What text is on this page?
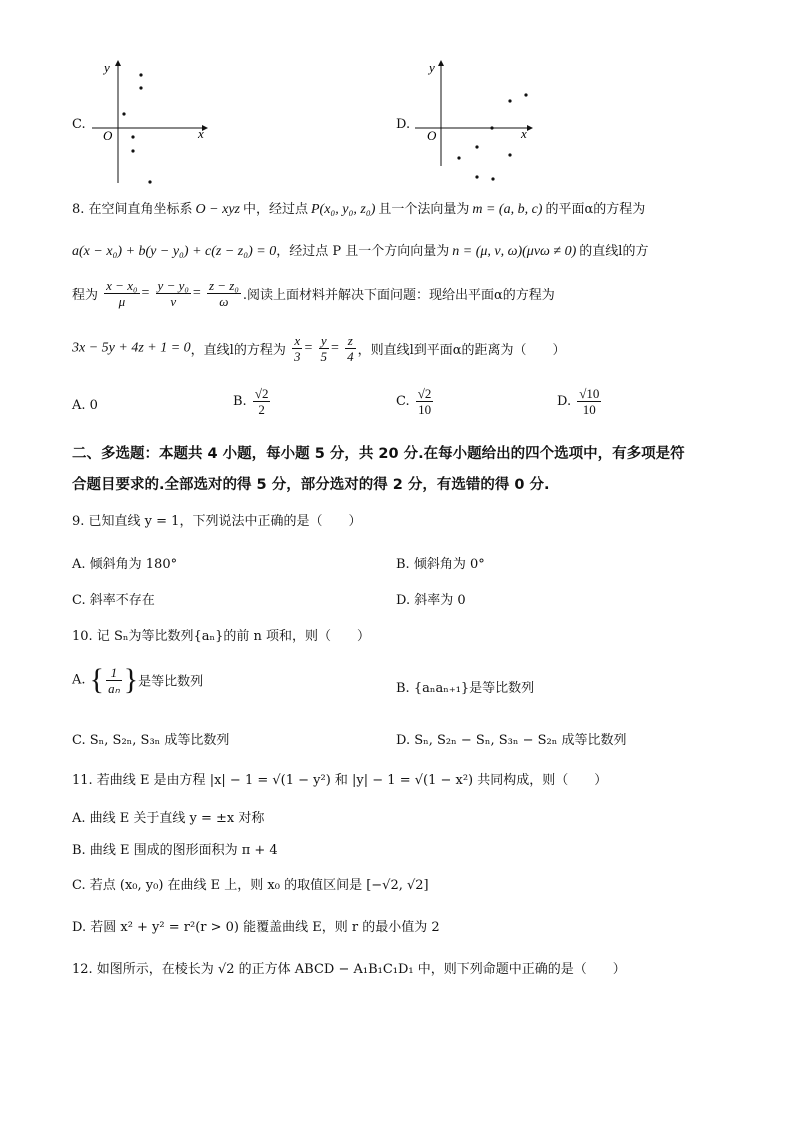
C.
x
y
O
D.
x
y
O
8. 在空间直角坐标系 O − xyz 中，经过点 P(x₀, y₀, z₀) 且一个法向量为 m = (a, b, c) 的平面α的方程为
a(x − x₀) + b(y − y₀) + c(z − z₀) = 0，经过点 P 且一个方向向量为 n = (μ, ν, ω)(μνω ≠ 0) 的直线l的方
程为 $\frac{\text{x − x₀}}{\mu} = \frac{\text{y − y₀}}{\nu} = \frac{\text{z − z₀}}{\omega}$ .阅读上面材料并解决下面问题：现给出平面α的方程为
3x − 5y + 4z + 1 = 0，直线l的方程为 $\frac{x}{3} = \frac{y}{5} = \frac{z}{4}$ ，则直线l到平面α的距离为（　　）
A. 0	B. $\frac{√2}{2}$	C. $\frac{√2}{10}$	D. $\frac{√10}{10}$
二、多选题：本题共 4 小题，每小题 5 分，共 20 分.在每小题给出的四个选项中，有多项是符
合题目要求的.全部选对的得 5 分，部分选对的得 2 分，有选错的得 0 分.
9. 已知直线 y = 1，下列说法中正确的是（　　）
A. 倾斜角为 180°	B. 倾斜角为 0°
C. 斜率不存在	D. 斜率为 0
10. 记 Sₙ为等比数列{aₙ}的前 n 项和，则（　　）
A. { $\frac{1}{\text{aₙ}}$ }是等比数列	B. {aₙaₙ₊₁}是等比数列
C. Sₙ, S₂ₙ, S₃ₙ 成等比数列	D. Sₙ, S₂ₙ − Sₙ, S₃ₙ − S₂ₙ 成等比数列
11. 若曲线 E 是由方程 |x| − 1 = √(1 − y²) 和 |y| − 1 = √(1 − x²) 共同构成，则（　　）
A. 曲线 E 关于直线 y = ±x 对称
B. 曲线 E 围成的图形面积为 π + 4
C. 若点 (x₀, y₀) 在曲线 E 上，则 x₀ 的取值区间是 [−√2, √2]
D. 若圆 x² + y² = r²(r > 0) 能覆盖曲线 E，则 r 的最小值为 2
12. 如图所示，在棱长为 √2 的正方体 ABCD − A₁B₁C₁D₁ 中，则下列命题中正确的是（　　）
